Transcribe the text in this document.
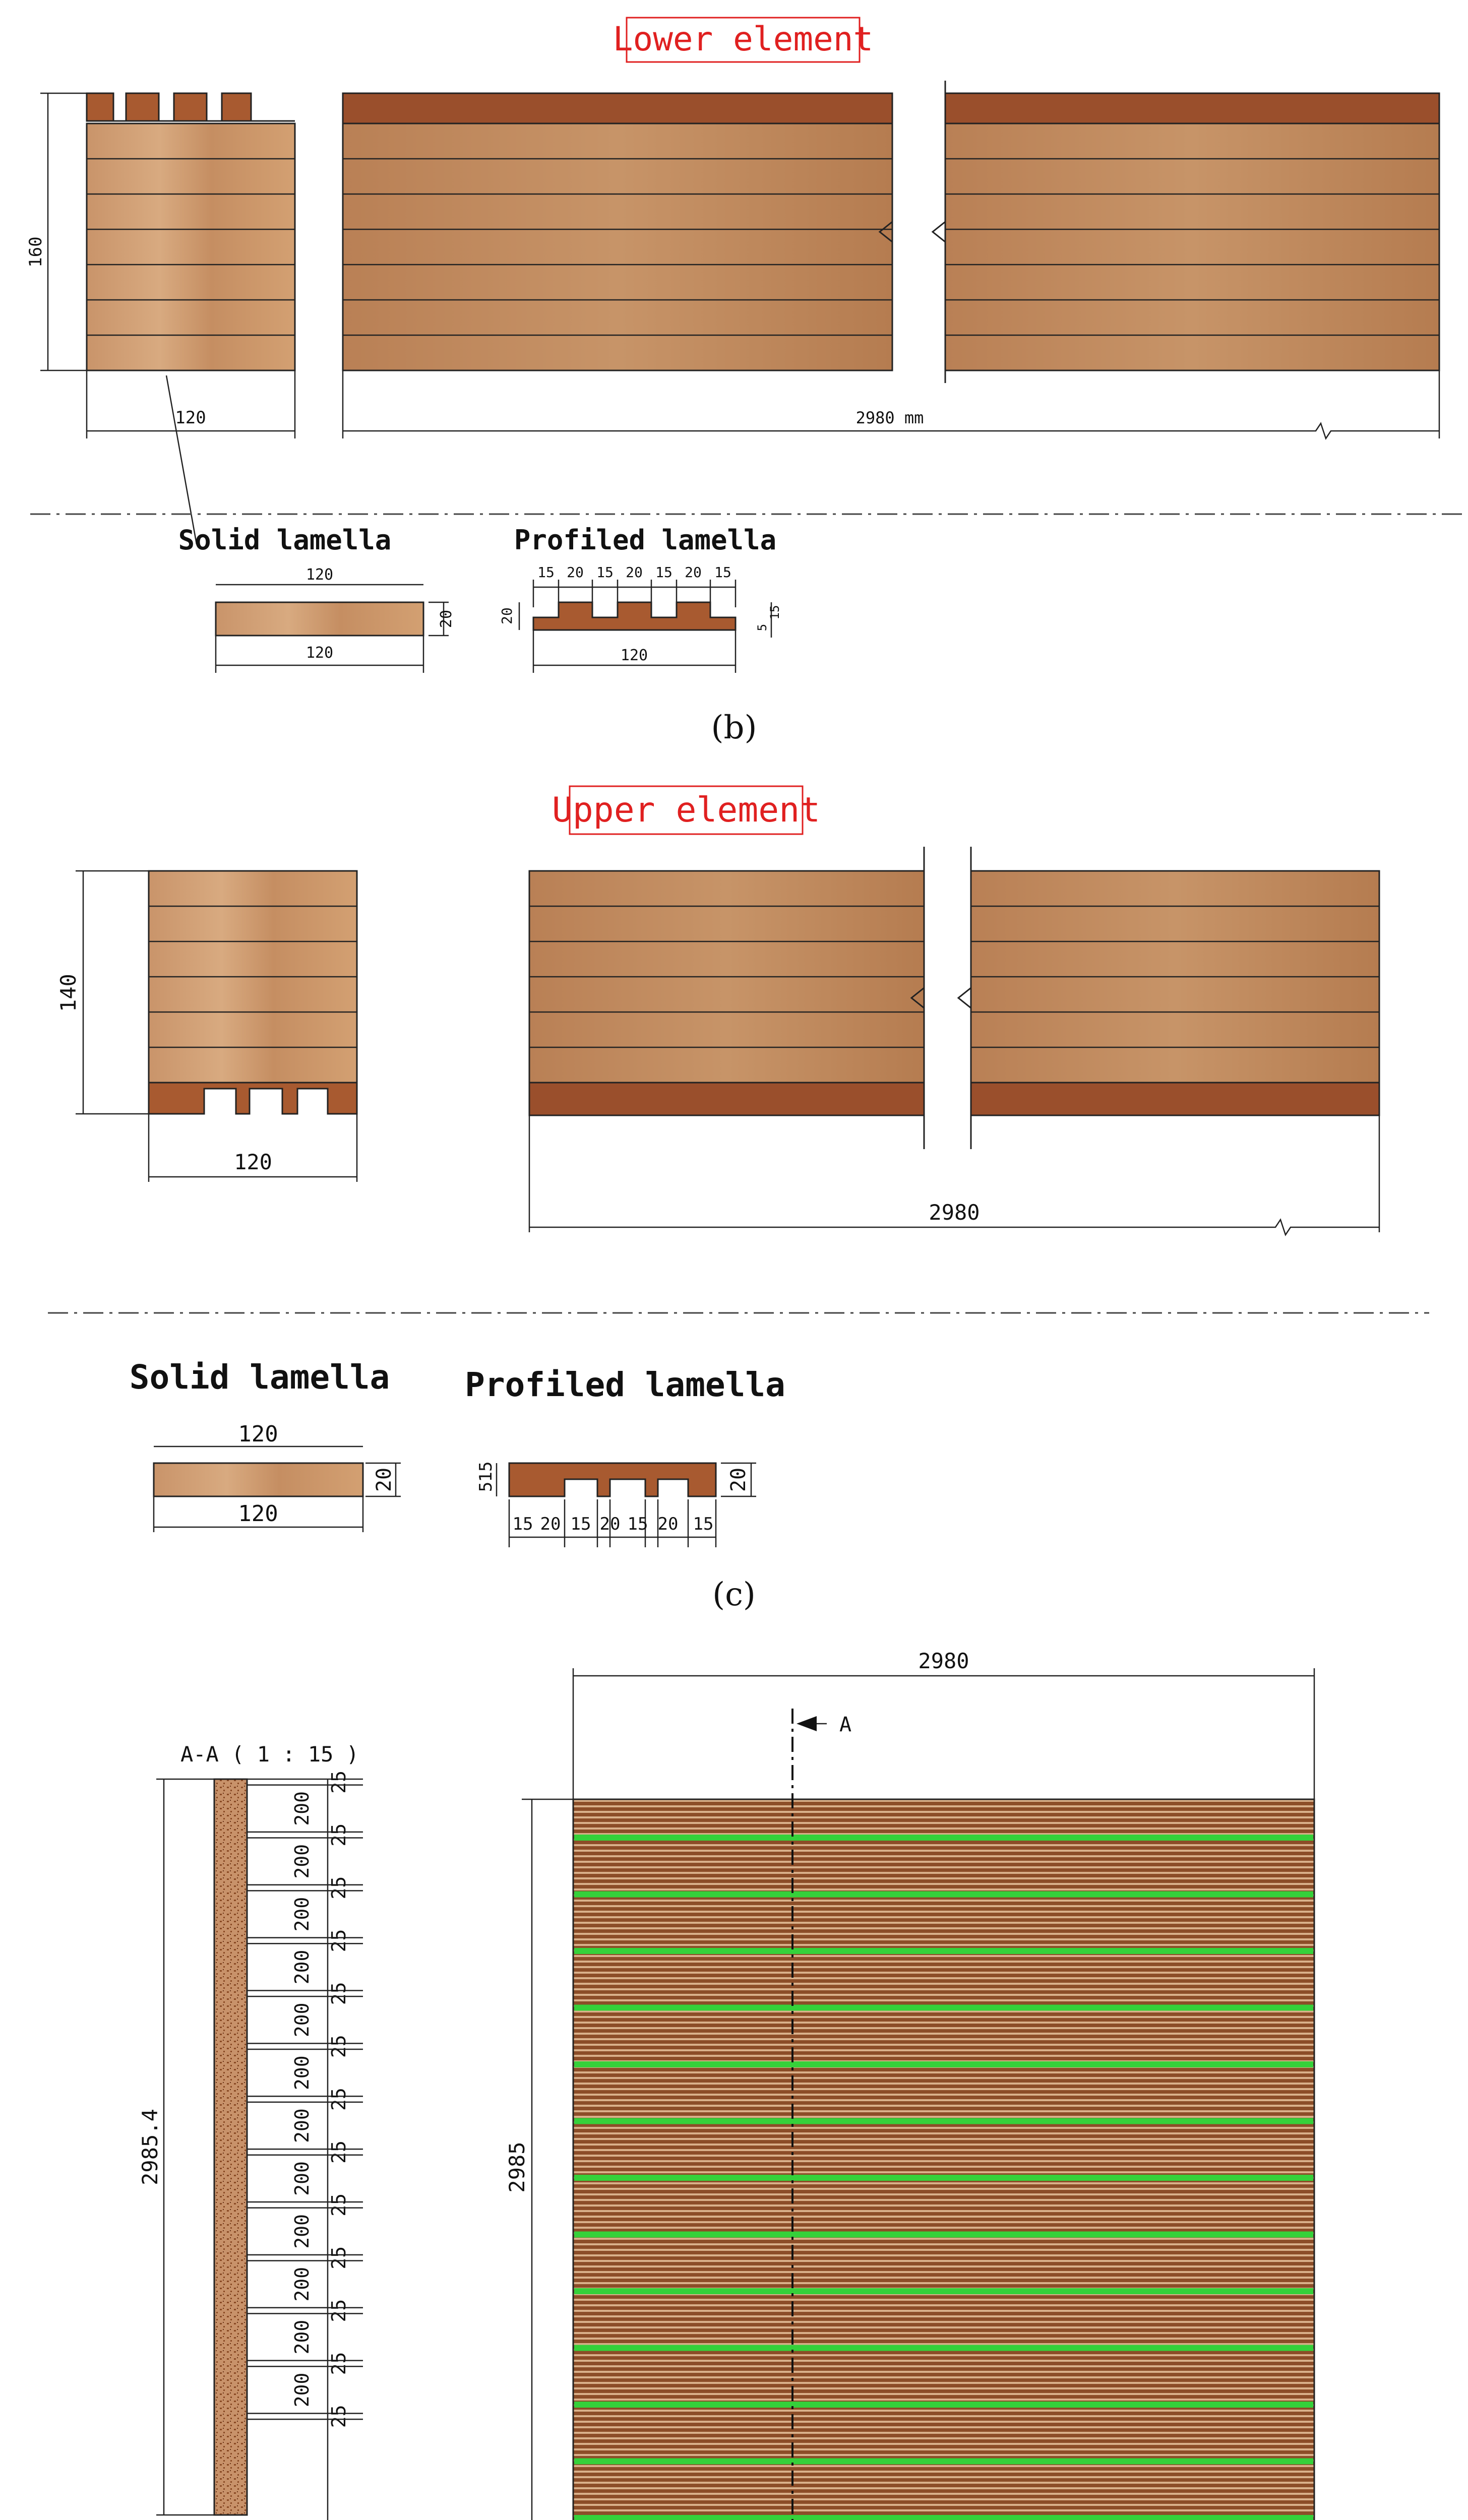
Lower element
160
120	2980 mm
Solid lamella
120
20
120
Profiled lamella
15 20 15 20 15 20 15
20
5
15
120
(b)
Upper element
140
120
2980
Solid lamella
120
20
120
Profiled lamella
15
5	20
15 20 15 20 15 20 15
(c)
A-A ( 1 : 15 )
2985.4
25
200
25
200
25
200
25
200
25
200
25
200
25
200
25
200
25
200
25
200
25
200
25
200
25
A
2980
2985
